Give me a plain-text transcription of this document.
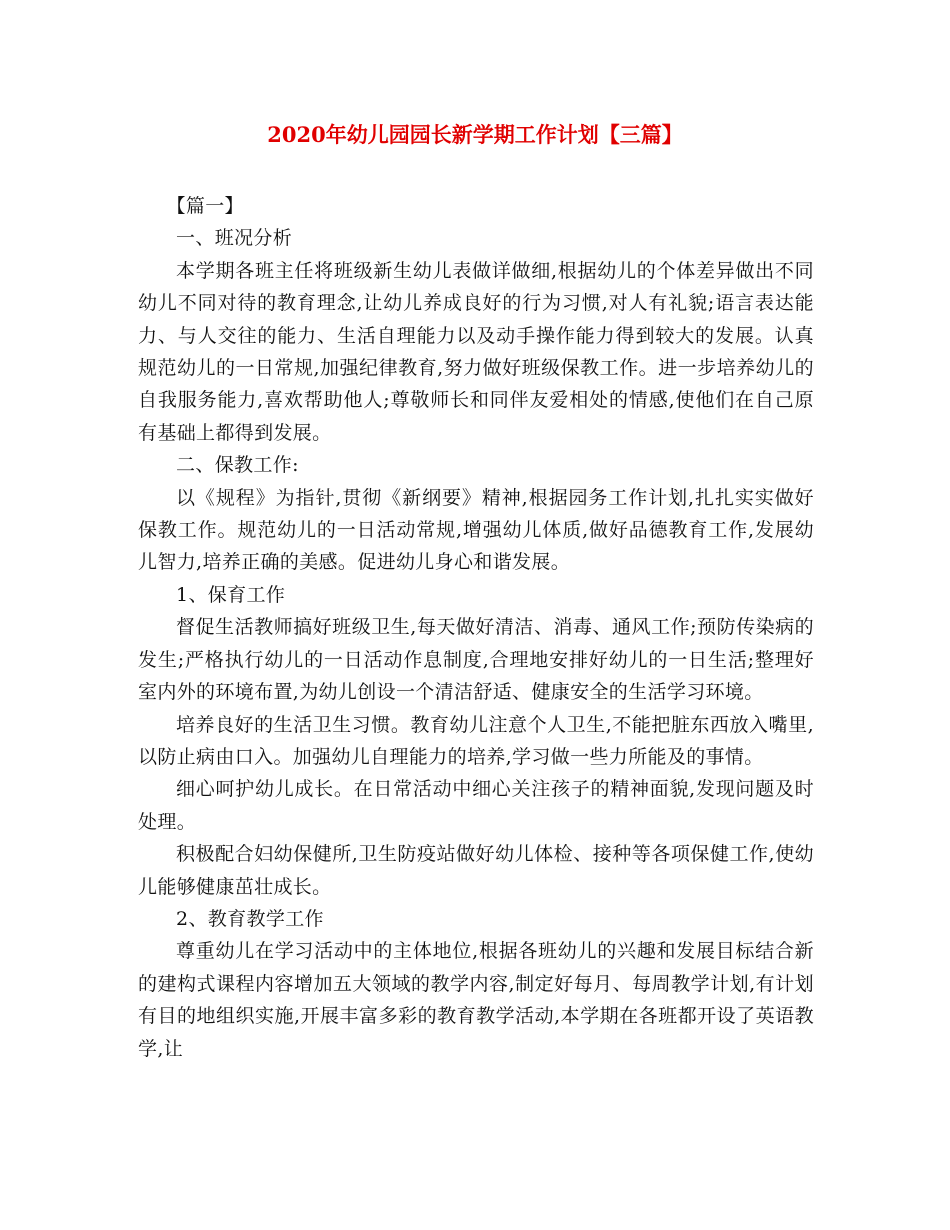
2020年幼儿园园长新学期工作计划【三篇】

【篇一】

一、班况分析

本学期各班主任将班级新生幼儿表做详做细,根据幼儿的个体差异做出不同幼儿不同对待的教育理念,让幼儿养成良好的行为习惯,对人有礼貌;语言表达能力、与人交往的能力、生活自理能力以及动手操作能力得到较大的发展。认真规范幼儿的一日常规,加强纪律教育,努力做好班级保教工作。进一步培养幼儿的自我服务能力,喜欢帮助他人;尊敬师长和同伴友爱相处的情感,使他们在自己原有基础上都得到发展。

二、保教工作:

以《规程》为指针,贯彻《新纲要》精神,根据园务工作计划,扎扎实实做好保教工作。规范幼儿的一日活动常规,增强幼儿体质,做好品德教育工作,发展幼儿智力,培养正确的美感。促进幼儿身心和谐发展。

1、保育工作

督促生活教师搞好班级卫生,每天做好清洁、消毒、通风工作;预防传染病的发生;严格执行幼儿的一日活动作息制度,合理地安排好幼儿的一日生活;整理好室内外的环境布置,为幼儿创设一个清洁舒适、健康安全的生活学习环境。

培养良好的生活卫生习惯。教育幼儿注意个人卫生,不能把脏东西放入嘴里,以防止病由口入。加强幼儿自理能力的培养,学习做一些力所能及的事情。

细心呵护幼儿成长。在日常活动中细心关注孩子的精神面貌,发现问题及时处理。

积极配合妇幼保健所,卫生防疫站做好幼儿体检、接种等各项保健工作,使幼儿能够健康茁壮成长。

2、教育教学工作

尊重幼儿在学习活动中的主体地位,根据各班幼儿的兴趣和发展目标结合新的建构式课程内容增加五大领域的教学内容,制定好每月、每周教学计划,有计划有目的地组织实施,开展丰富多彩的教育教学活动,本学期在各班都开设了英语教学,让
